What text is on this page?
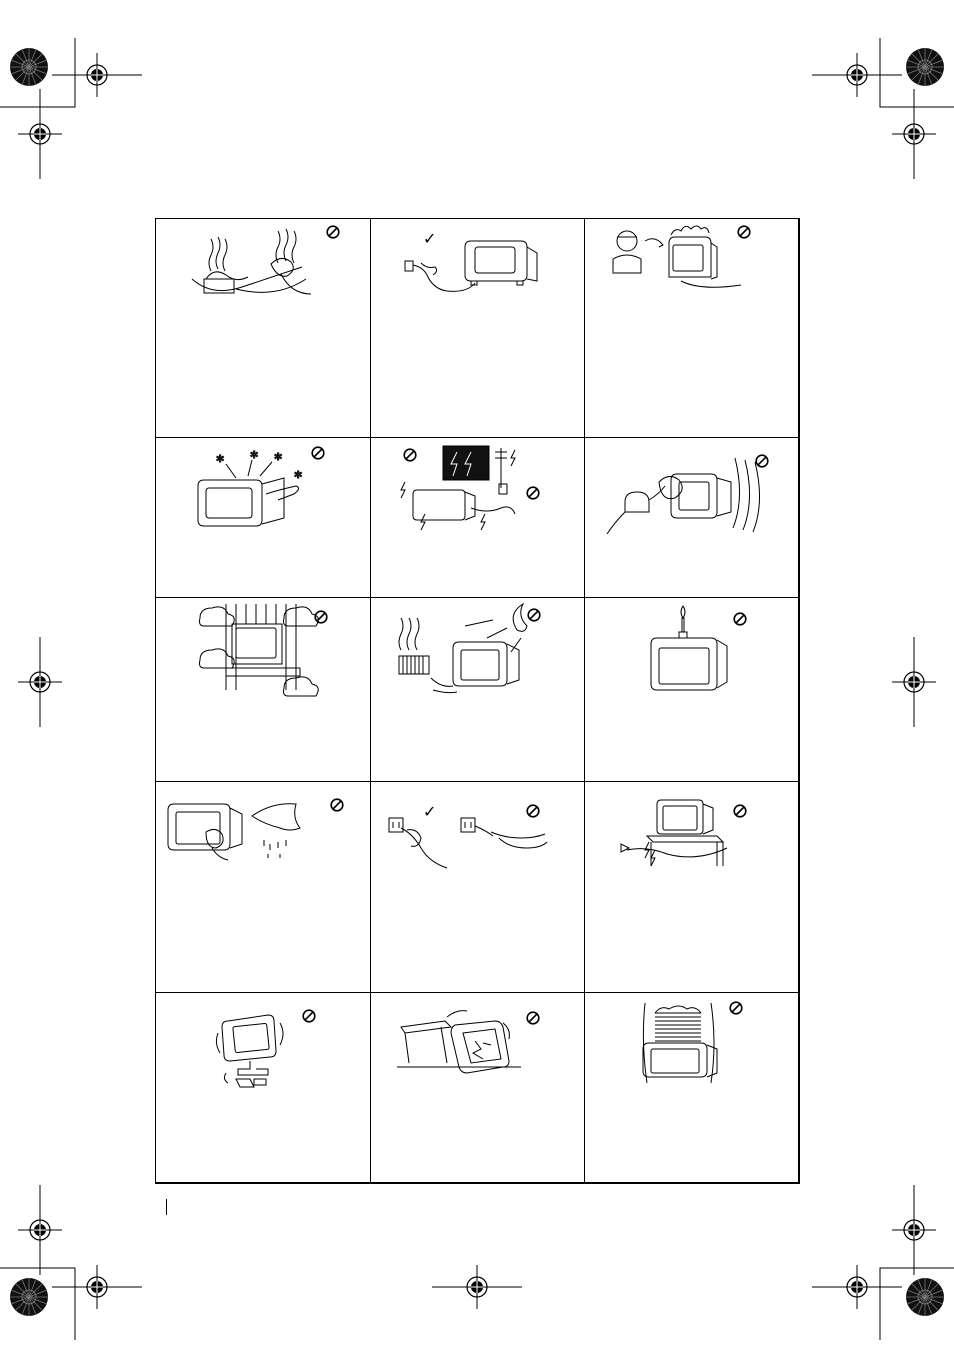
✓
✲	✲ ✲
✲
✓
